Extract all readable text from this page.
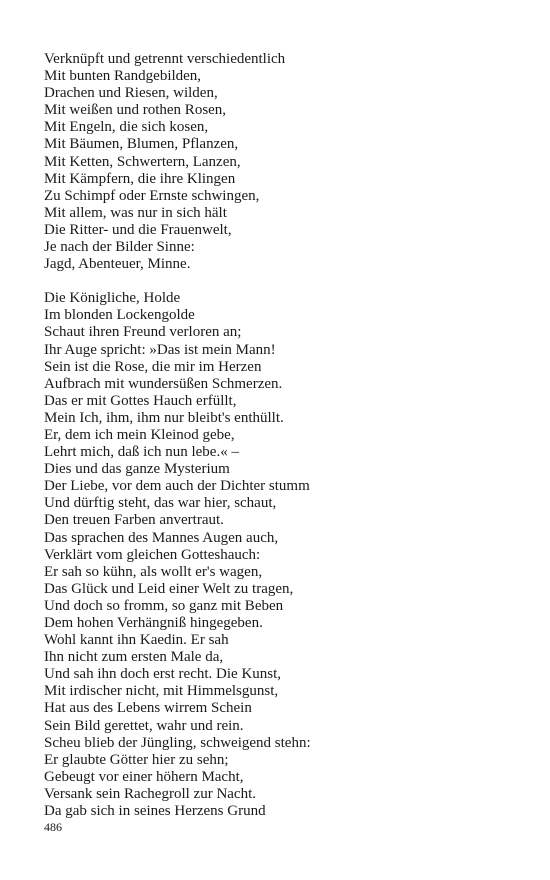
Verknüpft und getrennt verschiedentlich
Mit bunten Randgebilden,
Drachen und Riesen, wilden,
Mit weißen und rothen Rosen,
Mit Engeln, die sich kosen,
Mit Bäumen, Blumen, Pflanzen,
Mit Ketten, Schwertern, Lanzen,
Mit Kämpfern, die ihre Klingen
Zu Schimpf oder Ernste schwingen,
Mit allem, was nur in sich hält
Die Ritter- und die Frauenwelt,
Je nach der Bilder Sinne:
Jagd, Abenteuer, Minne.
Die Königliche, Holde
Im blonden Lockengolde
Schaut ihren Freund verloren an;
Ihr Auge spricht: »Das ist mein Mann!
Sein ist die Rose, die mir im Herzen
Aufbrach mit wundersüßen Schmerzen.
Das er mit Gottes Hauch erfüllt,
Mein Ich, ihm, ihm nur bleibt's enthüllt.
Er, dem ich mein Kleinod gebe,
Lehrt mich, daß ich nun lebe.« –
Dies und das ganze Mysterium
Der Liebe, vor dem auch der Dichter stumm
Und dürftig steht, das war hier, schaut,
Den treuen Farben anvertraut.
Das sprachen des Mannes Augen auch,
Verklärt vom gleichen Gotteshauch:
Er sah so kühn, als wollt er's wagen,
Das Glück und Leid einer Welt zu tragen,
Und doch so fromm, so ganz mit Beben
Dem hohen Verhängniß hingegeben.
Wohl kannt ihn Kaedin. Er sah
Ihn nicht zum ersten Male da,
Und sah ihn doch erst recht. Die Kunst,
Mit irdischer nicht, mit Himmelsgunst,
Hat aus des Lebens wirrem Schein
Sein Bild gerettet, wahr und rein.
Scheu blieb der Jüngling, schweigend stehn:
Er glaubte Götter hier zu sehn;
Gebeugt vor einer höhern Macht,
Versank sein Rachegroll zur Nacht.
Da gab sich in seines Herzens Grund
486
